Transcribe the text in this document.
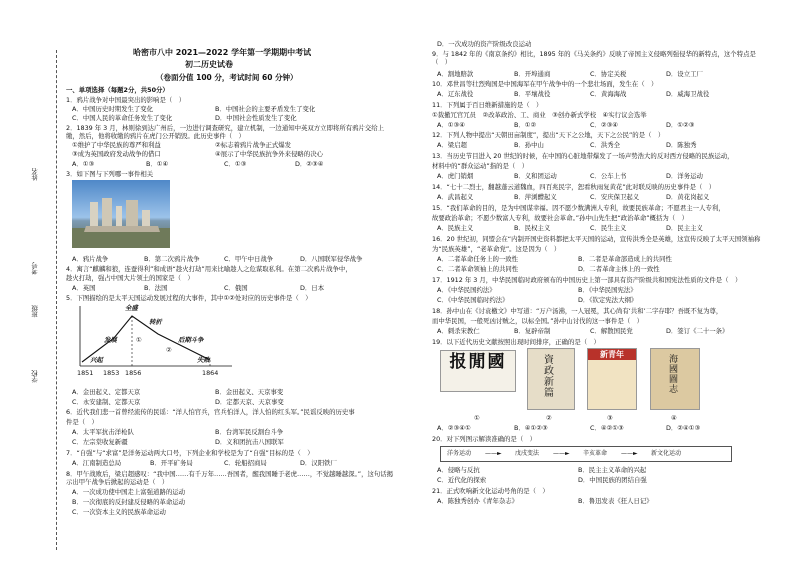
哈密市八中 2021—2022 学年第一学期期中考试
初二历史试卷
（卷面分值 100 分，考试时间 60 分钟）
姓名
考号
班级
学校
一、单项选择（每题2分，共50分）
1．鸦片战争对中国最突出的影响是（　）
A．中国历史时期发生了变化	B．中国社会的主要矛盾发生了变化
C．中国人民的革命任务发生了变化	D．中国社会性质发生了变化
2．1839 年 3 月，林则徐到达广州后，一边进行调查研究，建立机制，一边通知中英双方立即将所有鸦片交给上缴，然后，他将收缴的鸦片在虎门公开销毁。此历史事件（　）
①维护了中华民族的尊严和利益	②标志着鸦片战争正式爆发
③成为英国政府发动战争的借口	④展示了中华民族抗争外来侵略的决心
A．①③	B．①④	C．①③	D．②③④
3．如下图与下列哪一事件相关
A．鸦片战争	B．第二次鸦片战争	C．甲午中日战争	D．八国联军侵华战争
4．寓言“麒麟和狼，连蚕得利”和成语“趁火打劫”用来比喻趁人之危谋取私利。在第二次鸦片战争中，
趁火打劫，强占中国大片领土的国家是（　）
A．英国	B．法国	C．俄国	D．日本
5．下图描绘的是太平天国运动发展过程的大事件，其中①②处对应的历史事件是（　）
全盛
转折
发展	①	后期斗争
②
兴起	失败
1851 1853 1856	1864
A．金田起义、定都天京	B．金田起义、天京事变
C．永安建制、定都天京	D．定都天京、天京事变
6．近代我们悲一首曾经流传的民谣：“洋人怕官兵，官兵怕洋人，洋人怕的红头军。”民谣反映的历史事
件是（　）
A．太平军抗击洋枪队	B．台湾军民反割台斗争
C．左宗棠收复新疆	D．义和团抗击八国联军
7．“自强”与“求富”是洋务运动两大口号，下列企业和学校是为了“自强”目标的是（　）
A．江南制造总局	B．开平矿务局	C．轮船招商局	D．汉阳铁厂
8．甲午战败后，梁启超感叹：“我中国……有千万年……吾国者，醒我国睡于老虎……，不觉越睡越深。”，这句话揭示出甲午战争后掀起的运动是（　）
A．一次成功使中国走上富强道路的运动
B．一次彻底的反封建反侵略的革命运动
C．一次资本主义的民族革命运动
D．一次成功的资产阶级改良运动
9．与 1842 年的《南京条约》相比，1895 年的《马关条约》反映了帝国主义侵略列强侵华的新特点，这个特点是（　）
A．割地赔款	B．开埠通商	C．协定关税	D．设立工厂
10．邓世昌等壮烈殉国是中国海军在甲午战争中的一个悲壮场面，发生在（　）
A．辽东战役	B．平壤战役	C．黄海海战	D．威海卫战役
11．下列属于百日维新措施的是（　）
①裁撤冗官冗员　②改革政治、工、商业　③创办新式学校　④实行议会选举
A．①③④	B．①②	C．②③④	D．①②③
12．下列人物中提出“天朝田亩制度”，提出“天下之公地，天下之公民”的是（　）
A．梁启超	B．孙中山	C．洪秀全	D．陈独秀
13．当历史节目进入 20 世纪的时候，在中国的心脏地带爆发了一场声势浩大的反对西方侵略的民族运动，
材料中的“群众运动”指的是（　）
A．虎门销烟	B．义和团运动	C．公车上书	D．洋务运动
14．“七十二烈士，翻越蓬云道魏血，四百兆民字，恕看秋雨复黄花”此对联反映的历史事件是（　）
A．武昌起义	B．萍浏醴起义	C．安庆保卫起义	D．黄花岗起义
15．“我们革命的目的，是为中国谋幸福。因不愿少数满洲人专利，故要民族革命；不愿君主一人专利，
故要政治革命；不愿少数富人专利，故要社会革命。”孙中山先生把“政治革命”概括为（　）
A．民族主义	B．民权主义	C．民生主义	D．民主主义
16．20 世纪初，同盟会在“内制开国史资料都把太平天国的运动，宣传洪秀全是英雄，这宣传反映了太平天国领袖称
为“民族英雄”，“老革命党”。这是因为（　）
A．二者革命任务上的一致性	B．二者是革命部造成上的共同性
C．二者革命领袖上的共同性	D．二者革命主体上的一致性
17．1912 年 3 月，中华民国临时政府颁布的中国历史上第一部具有资产阶级共和国宪法性质的文件是（　）
A．《中华民国约法》	B．《中华民国宪法》
C．《中华民国临时约法》	D．《钦定宪法大纲》
18．孙中山在《讨袁檄文》中写道：“万户汤沸，一人冠冕，其心尚有‘共和’二字存耶？吾既不复为尊，
而中华民国，一般死凶讨贼之，以标全国。”孙中山讨伐的这一事件是（　）
A．刺杀宋教仁	B．复辟帝制	C．解散国民党	D．签订《二十一条》
19．以下近代历史文献按照出现时间排序，正确的是（　）
报閒國	資政新篇
新青年
海國圖志
①	②	③	④
A．②③④①	B．④①②③	C．④②①③	D．②④①③
20．对下列图示解读准确的是（　）
洋务运动 ——► 戊戌变法 ——► 辛亥革命 ——► 新文化运动
A．侵略与反抗	B．民主主义革命的兴起
C．近代化的探索	D．中国民族的团结自强
21．正式吹响新文化运动号角的是（　）
A．陈独秀创办《青年杂志》	B．鲁迅发表《狂人日记》
